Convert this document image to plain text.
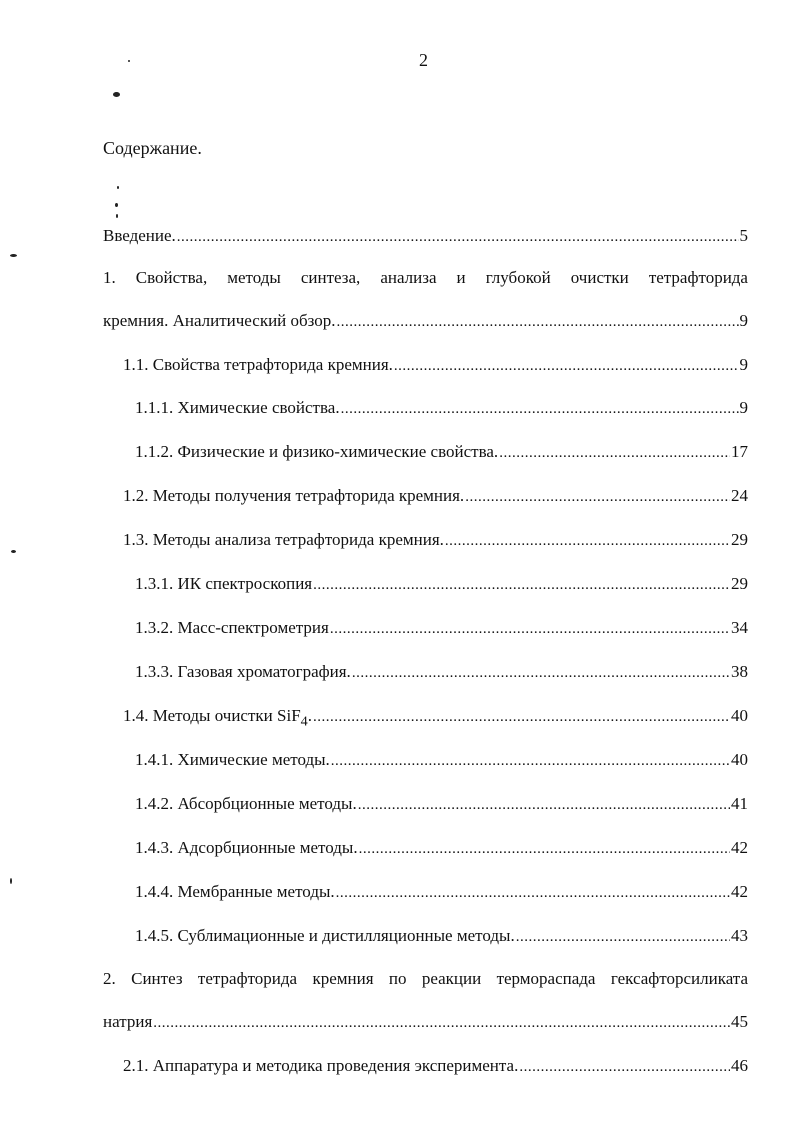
2
Содержание.
Введение. .....	5
1. Свойства, методы синтеза, анализа и глубокой очистки тетрафторида
кремния. Аналитический обзор. .....	9
1.1. Свойства тетрафторида кремния. .....	9
1.1.1. Химические свойства. .....	9
1.1.2. Физические и физико-химические свойства. .....	17
1.2. Методы получения тетрафторида кремния. .....	24
1.3. Методы анализа тетрафторида кремния. .....	29
1.3.1. ИК спектроскопия .....	29
1.3.2. Масс-спектрометрия .....	34
1.3.3. Газовая хроматография. .....	38
1.4. Методы очистки SiF$_4$. .....	40
1.4.1. Химические методы. .....	40
1.4.2. Абсорбционные методы. .....	41
1.4.3. Адсорбционные методы. .....	42
1.4.4. Мембранные методы. .....	42
1.4.5. Сублимационные и дистилляционные методы. .....	43
2. Синтез тетрафторида кремния по реакции терморaспада гексафторсиликата
натрия .....	45
2.1. Аппаратура и методика проведения эксперимента. .....	46
